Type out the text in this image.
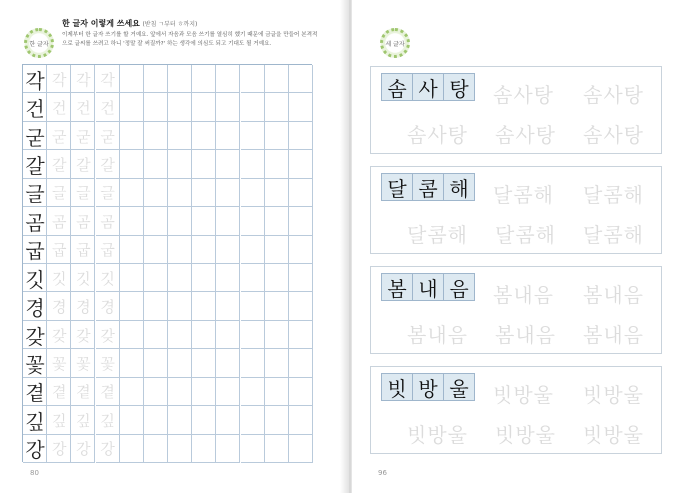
한 글자
한 글자 이렇게 쓰세요 (받침 ㄱ부터 ㅎ까지)
이제부터 한 글자 쓰기를 할 거예요. 앞에서 자음과 모음 쓰기를 열심히 했기 때문에 금글을 만들어 본격적으로 글씨를 쓰려고 하니 '정말 잘 써질까?' 하는 생각에 의심도 되고 기대도 될 거예요.
각 각 각 각
건 건 건 건
굳 굳 굳 굳
갈 갈 갈 갈
글 글 글 글
곰 곰 곰 곰
굽 굽 굽 굽
깃 깃 깃 깃
경 경 경 경
갖 갖 갖 갖
꽃 꽃 꽃 꽃
곁 곁 곁 곁
깊 깊 깊 깊
강 강 강 강
80
세 글자
96
솜 사 탕	솜사탕 솜사탕
솜사탕 솜사탕 솜사탕
달 콤 해	달콤해 달콤해
달콤해 달콤해 달콤해
봄 내 음	봄내음 봄내음
봄내음 봄내음 봄내음
빗 방 울	빗방울 빗방울
빗방울 빗방울 빗방울
